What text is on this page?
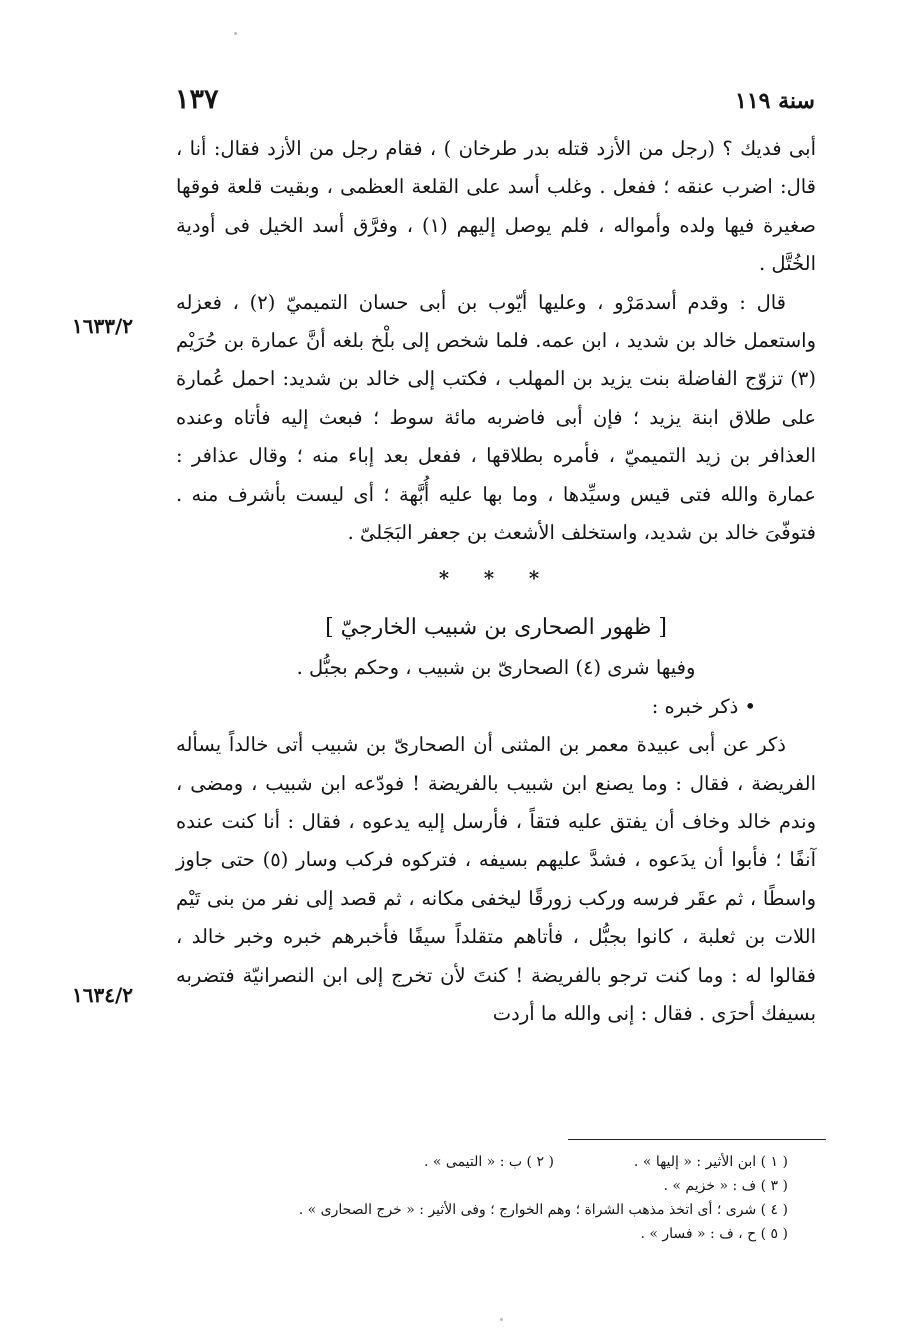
سنة ١١٩
١٣٧
١٦٣٣/٢
١٦٣٤/٢

أبى فديك ؟ (رجل من الأزد قتله بدر طرخان ) ، فقام رجل من الأزد فقال: أنا ، قال: اضرب عنقه ؛ ففعل . وغلب أسد على القلعة العظمى ، وبقيت قلعة فوقها صغيرة فيها ولده وأمواله ، فلم يوصل إليهم (١) ، وفرَّق أسد الخيل فى أودية الخُتَّل .

قال : وقدم أسدمَرْو ، وعليها أيّوب بن أبى حسان التميميّ (٢) ، فعزله واستعمل خالد بن شديد ، ابن عمه. فلما شخص إلى بلْخ بلغه أنَّ عمارة بن حُرَيْم (٣) تزوّج الفاضلة بنت يزيد بن المهلب ، فكتب إلى خالد بن شديد: احمل عُمارة على طلاق ابنة يزيد ؛ فإن أبى فاضربه مائة سوط ؛ فبعث إليه فأتاه وعنده العذافر بن زيد التميميّ ، فأمره بطلاقها ، ففعل بعد إباء منه ؛ وقال عذافر : عمارة والله فتى قيس وسيِّدها ، وما بها عليه أُبَّهة ؛ أى ليست بأشرف منه . فتوفّىَ خالد بن شديد، واستخلف الأشعث بن جعفر البَجَلىّ .

* * *

[ ظهور الصحارى بن شبيب الخارجيّ ]

وفيها شرى (٤) الصحارىّ بن شبيب ، وحكم بجبُّل .

• ذكر خبره :

ذكر عن أبى عبيدة معمر بن المثنى أن الصحارىّ بن شبيب أتى خالداً يسأله الفريضة ، فقال : وما يصنع ابن شبيب بالفريضة ! فودّعه ابن شبيب ، ومضى ، وندم خالد وخاف أن يفتق عليه فتقاً ، فأرسل إليه يدعوه ، فقال : أنا كنت عنده آنفًا ؛ فأبوا أن يدَعوه ، فشدَّ عليهم بسيفه ، فتركوه فركب وسار (٥) حتى جاوز واسطًا ، ثم عقَر فرسه وركب زورقًا ليخفى مكانه ، ثم قصد إلى نفر من بنى تَيْم اللات بن ثعلبة ، كانوا بجبُّل ، فأتاهم متقلداً سيفًا فأخبرهم خبره وخبر خالد ، فقالوا له : وما كنت ترجو بالفريضة ! كنتَ لأن تخرج إلى ابن النصرانيّة فتضربه بسيفك أحرَى . فقال : إنى والله ما أردت

( ١ ) ابن الأثير : « إليها » .
( ٢ ) ب : « التيمى » .

( ٣ ) ف : « خزيم » .

( ٤ ) شرى ؛ أى اتخذ مذهب الشراة ؛ وهم الخوارج ؛ وفى الأثير : « خرج الصحارى » .

( ٥ ) ح ، ف : « فسار » .
